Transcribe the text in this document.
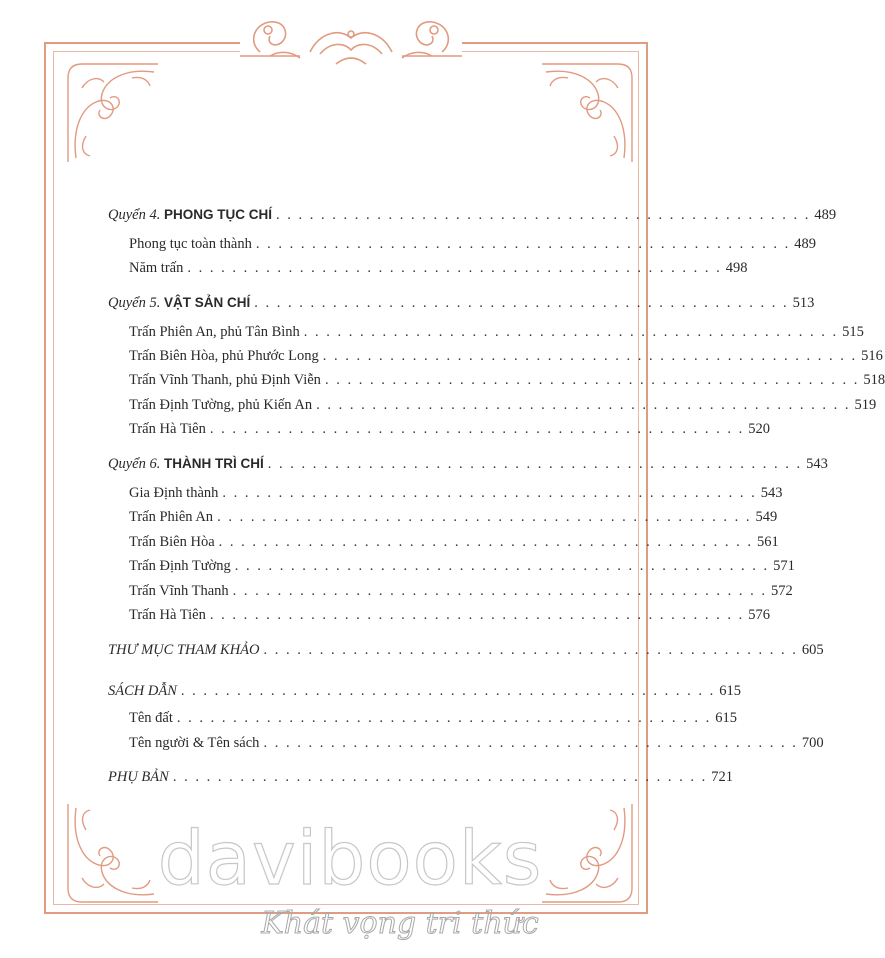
Quyển 4. PHONG TỤC CHÍ . . . . . . . . . . . . . . . . . . . . . . . . . . . . . . . . . . . . . . . . . . . . . . . . 489
Phong tục toàn thành . . . . . . . . . . . . . . . . . . . . . . . . . . . . . . . . . . . . . . . . . . . . . . . . 489
Năm trấn . . . . . . . . . . . . . . . . . . . . . . . . . . . . . . . . . . . . . . . . . . . . . . . . 498
Quyển 5. VẬT SẢN CHÍ . . . . . . . . . . . . . . . . . . . . . . . . . . . . . . . . . . . . . . . . . . . . . . . . 513
Trấn Phiên An, phủ Tân Bình . . . . . . . . . . . . . . . . . . . . . . . . . . . . . . . . . . . . . . . . . . . . . . . . 515
Trấn Biên Hòa, phủ Phước Long . . . . . . . . . . . . . . . . . . . . . . . . . . . . . . . . . . . . . . . . . . . . . . . . 516
Trấn Vĩnh Thanh, phủ Định Viễn . . . . . . . . . . . . . . . . . . . . . . . . . . . . . . . . . . . . . . . . . . . . . . . . 518
Trấn Định Tường, phủ Kiến An . . . . . . . . . . . . . . . . . . . . . . . . . . . . . . . . . . . . . . . . . . . . . . . . 519
Trấn Hà Tiên . . . . . . . . . . . . . . . . . . . . . . . . . . . . . . . . . . . . . . . . . . . . . . . . 520
Quyển 6. THÀNH TRÌ CHÍ . . . . . . . . . . . . . . . . . . . . . . . . . . . . . . . . . . . . . . . . . . . . . . . . 543
Gia Định thành . . . . . . . . . . . . . . . . . . . . . . . . . . . . . . . . . . . . . . . . . . . . . . . . 543
Trấn Phiên An . . . . . . . . . . . . . . . . . . . . . . . . . . . . . . . . . . . . . . . . . . . . . . . . 549
Trấn Biên Hòa . . . . . . . . . . . . . . . . . . . . . . . . . . . . . . . . . . . . . . . . . . . . . . . . 561
Trấn Định Tường . . . . . . . . . . . . . . . . . . . . . . . . . . . . . . . . . . . . . . . . . . . . . . . . 571
Trấn Vĩnh Thanh . . . . . . . . . . . . . . . . . . . . . . . . . . . . . . . . . . . . . . . . . . . . . . . . 572
Trấn Hà Tiên . . . . . . . . . . . . . . . . . . . . . . . . . . . . . . . . . . . . . . . . . . . . . . . . 576
THƯ MỤC THAM KHẢO . . . . . . . . . . . . . . . . . . . . . . . . . . . . . . . . . . . . . . . . . . . . . . . . 605
SÁCH DẪN . . . . . . . . . . . . . . . . . . . . . . . . . . . . . . . . . . . . . . . . . . . . . . . . 615
Tên đất . . . . . . . . . . . . . . . . . . . . . . . . . . . . . . . . . . . . . . . . . . . . . . . . 615
Tên người & Tên sách . . . . . . . . . . . . . . . . . . . . . . . . . . . . . . . . . . . . . . . . . . . . . . . . 700
PHỤ BẢN . . . . . . . . . . . . . . . . . . . . . . . . . . . . . . . . . . . . . . . . . . . . . . . . 721
davibooks
Khát vọng tri thức
